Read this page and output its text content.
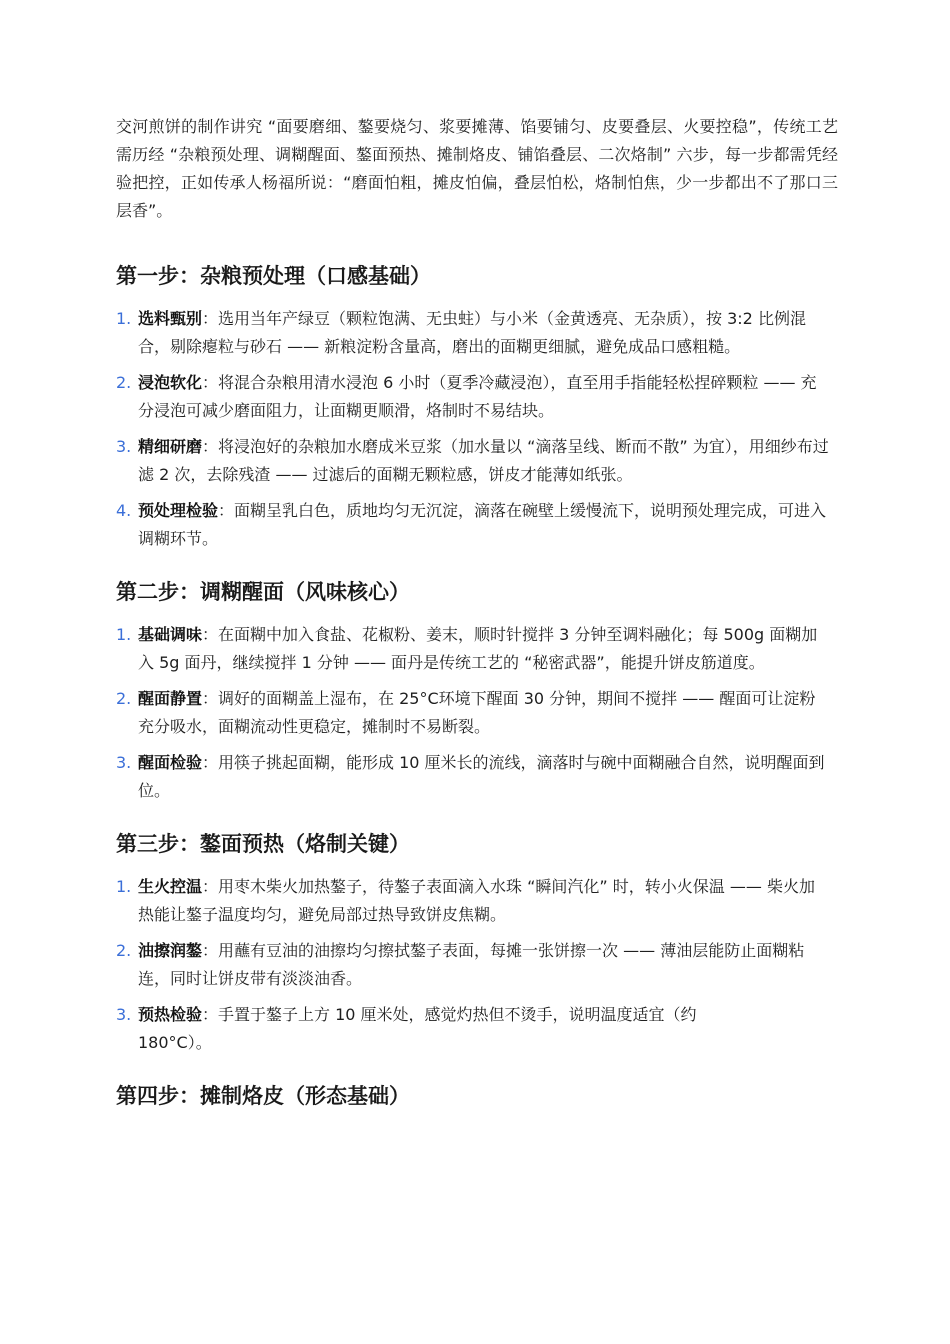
交河煎饼的制作讲究 “面要磨细、鏊要烧匀、浆要摊薄、馅要铺匀、皮要叠层、火要控稳”，传统工艺需历经 “杂粮预处理、调糊醒面、鏊面预热、摊制烙皮、铺馅叠层、二次烙制” 六步，每一步都需凭经验把控，正如传承人杨福所说：“磨面怕粗，摊皮怕偏，叠层怕松，烙制怕焦，少一步都出不了那口三层香”。

第一步：杂粮预处理（口感基础）
1. 选料甄别：选用当年产绿豆（颗粒饱满、无虫蛀）与小米（金黄透亮、无杂质），按 3:2 比例混合，剔除瘪粒与砂石 —— 新粮淀粉含量高，磨出的面糊更细腻，避免成品口感粗糙。
2. 浸泡软化：将混合杂粮用清水浸泡 6 小时（夏季冷藏浸泡），直至用手指能轻松捏碎颗粒 —— 充分浸泡可减少磨面阻力，让面糊更顺滑，烙制时不易结块。
3. 精细研磨：将浸泡好的杂粮加水磨成米豆浆（加水量以 “滴落呈线、断而不散” 为宜），用细纱布过滤 2 次，去除残渣 —— 过滤后的面糊无颗粒感，饼皮才能薄如纸张。
4. 预处理检验：面糊呈乳白色，质地均匀无沉淀，滴落在碗壁上缓慢流下，说明预处理完成，可进入调糊环节。
第二步：调糊醒面（风味核心）
1. 基础调味：在面糊中加入食盐、花椒粉、姜末，顺时针搅拌 3 分钟至调料融化；每 500g 面糊加入 5g 面丹，继续搅拌 1 分钟 —— 面丹是传统工艺的 “秘密武器”，能提升饼皮筋道度。
2. 醒面静置：调好的面糊盖上湿布，在 25°C环境下醒面 30 分钟，期间不搅拌 —— 醒面可让淀粉充分吸水，面糊流动性更稳定，摊制时不易断裂。
3. 醒面检验：用筷子挑起面糊，能形成 10 厘米长的流线，滴落时与碗中面糊融合自然，说明醒面到位。
第三步：鏊面预热（烙制关键）
1. 生火控温：用枣木柴火加热鏊子，待鏊子表面滴入水珠 “瞬间汽化” 时，转小火保温 —— 柴火加热能让鏊子温度均匀，避免局部过热导致饼皮焦糊。
2. 油擦润鏊：用蘸有豆油的油擦均匀擦拭鏊子表面，每摊一张饼擦一次 —— 薄油层能防止面糊粘连，同时让饼皮带有淡淡油香。
3. 预热检验：手置于鏊子上方 10 厘米处，感觉灼热但不烫手，说明温度适宜（约 180°C）。
第四步：摊制烙皮（形态基础）
